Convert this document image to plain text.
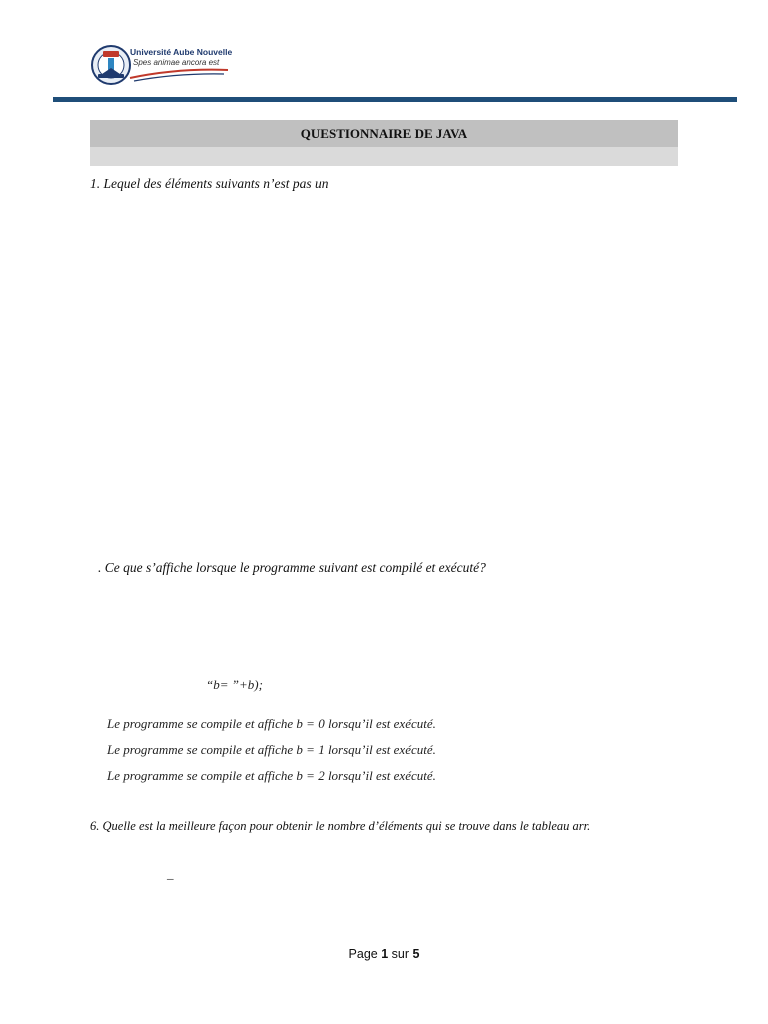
Université Aube Nouvelle
Spes animae ancora est
QUESTIONNAIRE DE JAVA
1. Lequel des éléments suivants n’est pas un
. Ce que s’affiche lorsque le programme suivant est compilé et exécuté?
“b= ”+b);
Le programme se compile et affiche b = 0 lorsqu’il est exécuté.
Le programme se compile et affiche b = 1 lorsqu’il est exécuté.
Le programme se compile et affiche b = 2 lorsqu’il est exécuté.
6. Quelle est la meilleure façon pour obtenir le nombre d’éléments qui se trouve dans le tableau arr.
_
Page 1 sur 5
